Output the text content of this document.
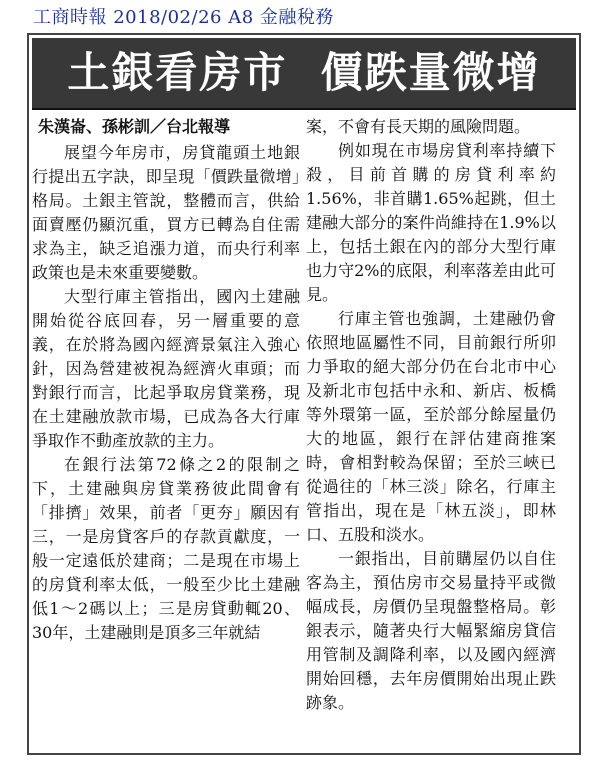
工商時報 2018/02/26 A8 金融稅務
土銀看房市  價跌量微增

朱漢崙、孫彬訓／台北報導

展望今年房市，房貸龍頭土地銀行提出五字訣，即呈現「價跌量微增」格局。土銀主管說，整體而言，供給面賣壓仍顯沉重，買方已轉為自住需求為主，缺乏追漲力道，而央行利率政策也是未來重要變數。

大型行庫主管指出，國內土建融開始從谷底回春，另一層重要的意義，在於將為國內經濟景氣注入強心針，因為營建被視為經濟火車頭；而對銀行而言，比起爭取房貸業務，現在土建融放款市場，已成為各大行庫爭取作不動產放款的主力。

在銀行法第72條之2的限制之下，土建融與房貸業務彼此間會有「排擠」效果，前者「更夯」願因有三，一是房貸客戶的存款貢獻度，一般一定遠低於建商；二是現在市場上的房貸利率太低，一般至少比土建融低1～2碼以上；三是房貸動輒20、30年，土建融則是頂多三年就結

案，不會有長天期的風險問題。

例如現在市場房貸利率持續下殺，目前首購的房貸利率約1.56%，非首購1.65%起跳，但土建融大部分的案件尚維持在1.9%以上，包括土銀在內的部分大型行庫也力守2%的底限，利率落差由此可見。

行庫主管也強調，土建融仍會依照地區屬性不同，目前銀行所卯力爭取的絕大部分仍在台北市中心及新北市包括中永和、新店、板橋等外環第一區，至於部分餘屋量仍大的地區，銀行在評估建商推案時，會相對較為保留；至於三峽已從過往的「林三淡」除名，行庫主管指出，現在是「林五淡」，即林口、五股和淡水。

一銀指出，目前購屋仍以自住客為主，預估房市交易量持平或微幅成長，房價仍呈現盤整格局。彰銀表示，隨著央行大幅緊縮房貸信用管制及調降利率，以及國內經濟開始回穩，去年房價開始出現止跌跡象。
